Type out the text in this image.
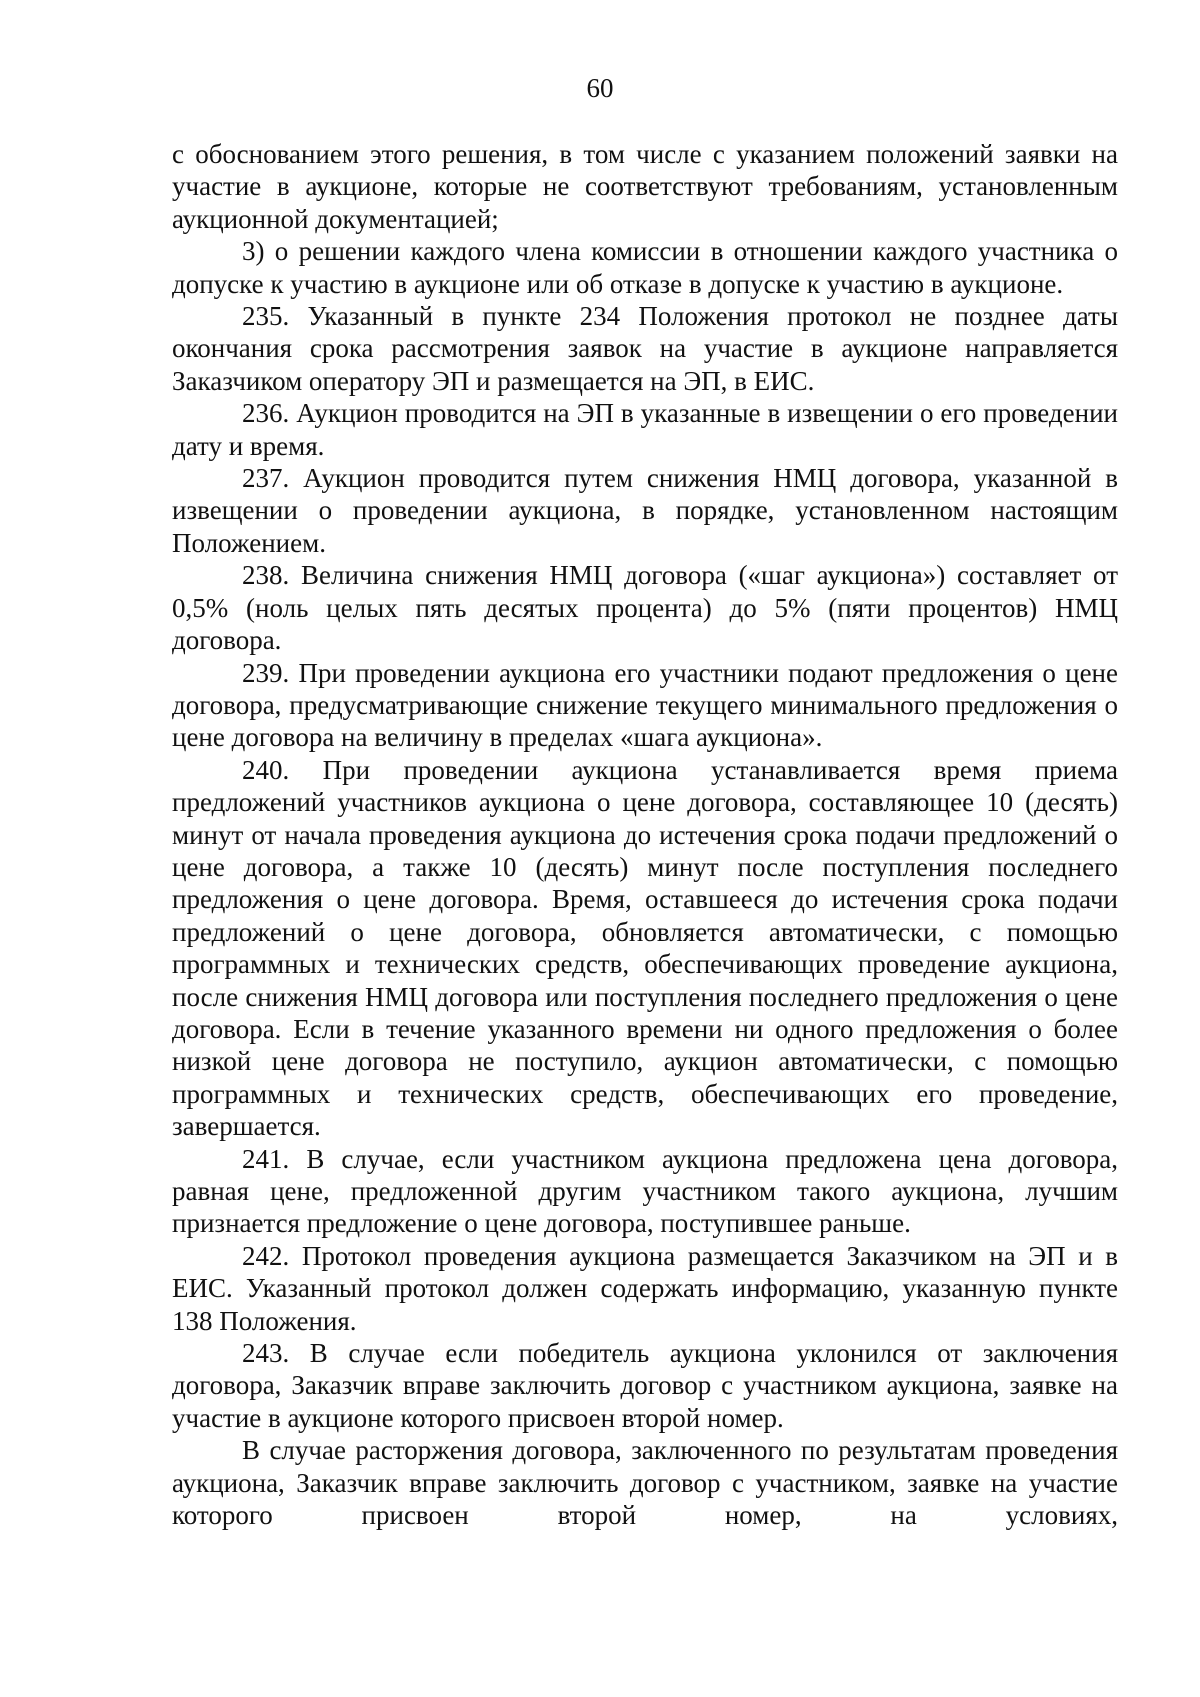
60

с обоснованием этого решения, в том числе с указанием положений заявки на участие в аукционе, которые не соответствуют требованиям, установленным аукционной документацией;

3) о решении каждого члена комиссии в отношении каждого участника о допуске к участию в аукционе или об отказе в допуске к участию в аукционе.

235. Указанный в пункте 234 Положения протокол не позднее даты окончания срока рассмотрения заявок на участие в аукционе направляется Заказчиком оператору ЭП и размещается на ЭП, в ЕИС.

236. Аукцион проводится на ЭП в указанные в извещении о его проведении дату и время.

237. Аукцион проводится путем снижения НМЦ договора, указанной в извещении о проведении аукциона, в порядке, установленном настоящим Положением.

238. Величина снижения НМЦ договора («шаг аукциона») составляет от 0,5% (ноль целых пять десятых процента) до 5% (пяти процентов) НМЦ договора.

239. При проведении аукциона его участники подают предложения о цене договора, предусматривающие снижение текущего минимального предложения о цене договора на величину в пределах «шага аукциона».

240. При проведении аукциона устанавливается время приема предложений участников аукциона о цене договора, составляющее 10 (десять) минут от начала проведения аукциона до истечения срока подачи предложений о цене договора, а также 10 (десять) минут после поступления последнего предложения о цене договора. Время, оставшееся до истечения срока подачи предложений о цене договора, обновляется автоматически, с помощью программных и технических средств, обеспечивающих проведение аукциона, после снижения НМЦ договора или поступления последнего предложения о цене договора. Если в течение указанного времени ни одного предложения о более низкой цене договора не поступило, аукцион автоматически, с помощью программных и технических средств, обеспечивающих его проведение, завершается.

241. В случае, если участником аукциона предложена цена договора, равная цене, предложенной другим участником такого аукциона, лучшим признается предложение о цене договора, поступившее раньше.

242. Протокол проведения аукциона размещается Заказчиком на ЭП и в ЕИС. Указанный протокол должен содержать информацию, указанную пункте 138 Положения.

243. В случае если победитель аукциона уклонился от заключения договора, Заказчик вправе заключить договор с участником аукциона, заявке на участие в аукционе которого присвоен второй номер.

В случае расторжения договора, заключенного по результатам проведения аукциона, Заказчик вправе заключить договор с участником, заявке на участие которого присвоен второй номер, на условиях,
